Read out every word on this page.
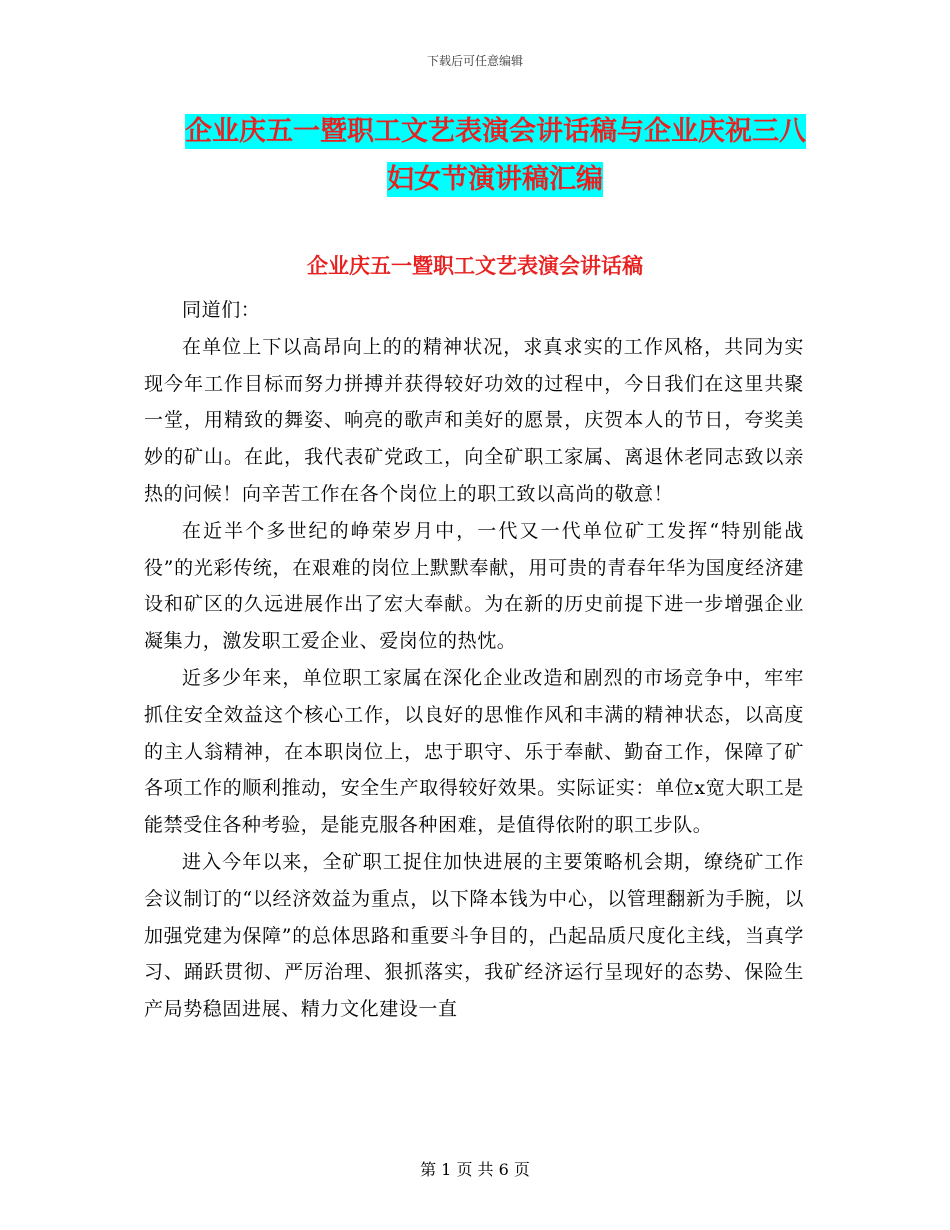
下载后可任意编辑
企业庆五一暨职工文艺表演会讲话稿与企业庆祝三八
妇女节演讲稿汇编
企业庆五一暨职工文艺表演会讲话稿

同道们：

在单位上下以高昂向上的的精神状况，求真求实的工作风格，共同为实现今年工作目标而努力拼搏并获得较好功效的过程中，今日我们在这里共聚一堂，用精致的舞姿、响亮的歌声和美好的愿景，庆贺本人的节日，夸奖美妙的矿山。在此，我代表矿党政工，向全矿职工家属、离退休老同志致以亲热的问候！向辛苦工作在各个岗位上的职工致以高尚的敬意！

在近半个多世纪的峥荣岁月中，一代又一代单位矿工发挥“特别能战役”的光彩传统，在艰难的岗位上默默奉献，用可贵的青春年华为国度经济建设和矿区的久远进展作出了宏大奉献。为在新的历史前提下进一步增强企业凝集力，激发职工爱企业、爱岗位的热忱。

近多少年来，单位职工家属在深化企业改造和剧烈的市场竞争中，牢牢抓住安全效益这个核心工作，以良好的思惟作风和丰满的精神状态，以高度的主人翁精神，在本职岗位上，忠于职守、乐于奉献、勤奋工作，保障了矿各项工作的顺利推动，安全生产取得较好效果。实际证实：单位x宽大职工是能禁受住各种考验，是能克服各种困难，是值得依附的职工步队。

进入今年以来，全矿职工捉住加快进展的主要策略机会期，缭绕矿工作会议制订的“以经济效益为重点，以下降本钱为中心，以管理翻新为手腕，以加强党建为保障”的总体思路和重要斗争目的，凸起品质尺度化主线，当真学习、踊跃贯彻、严厉治理、狠抓落实，我矿经济运行呈现好的态势、保险生产局势稳固进展、精力文化建设一直

第 1 页 共 6 页
